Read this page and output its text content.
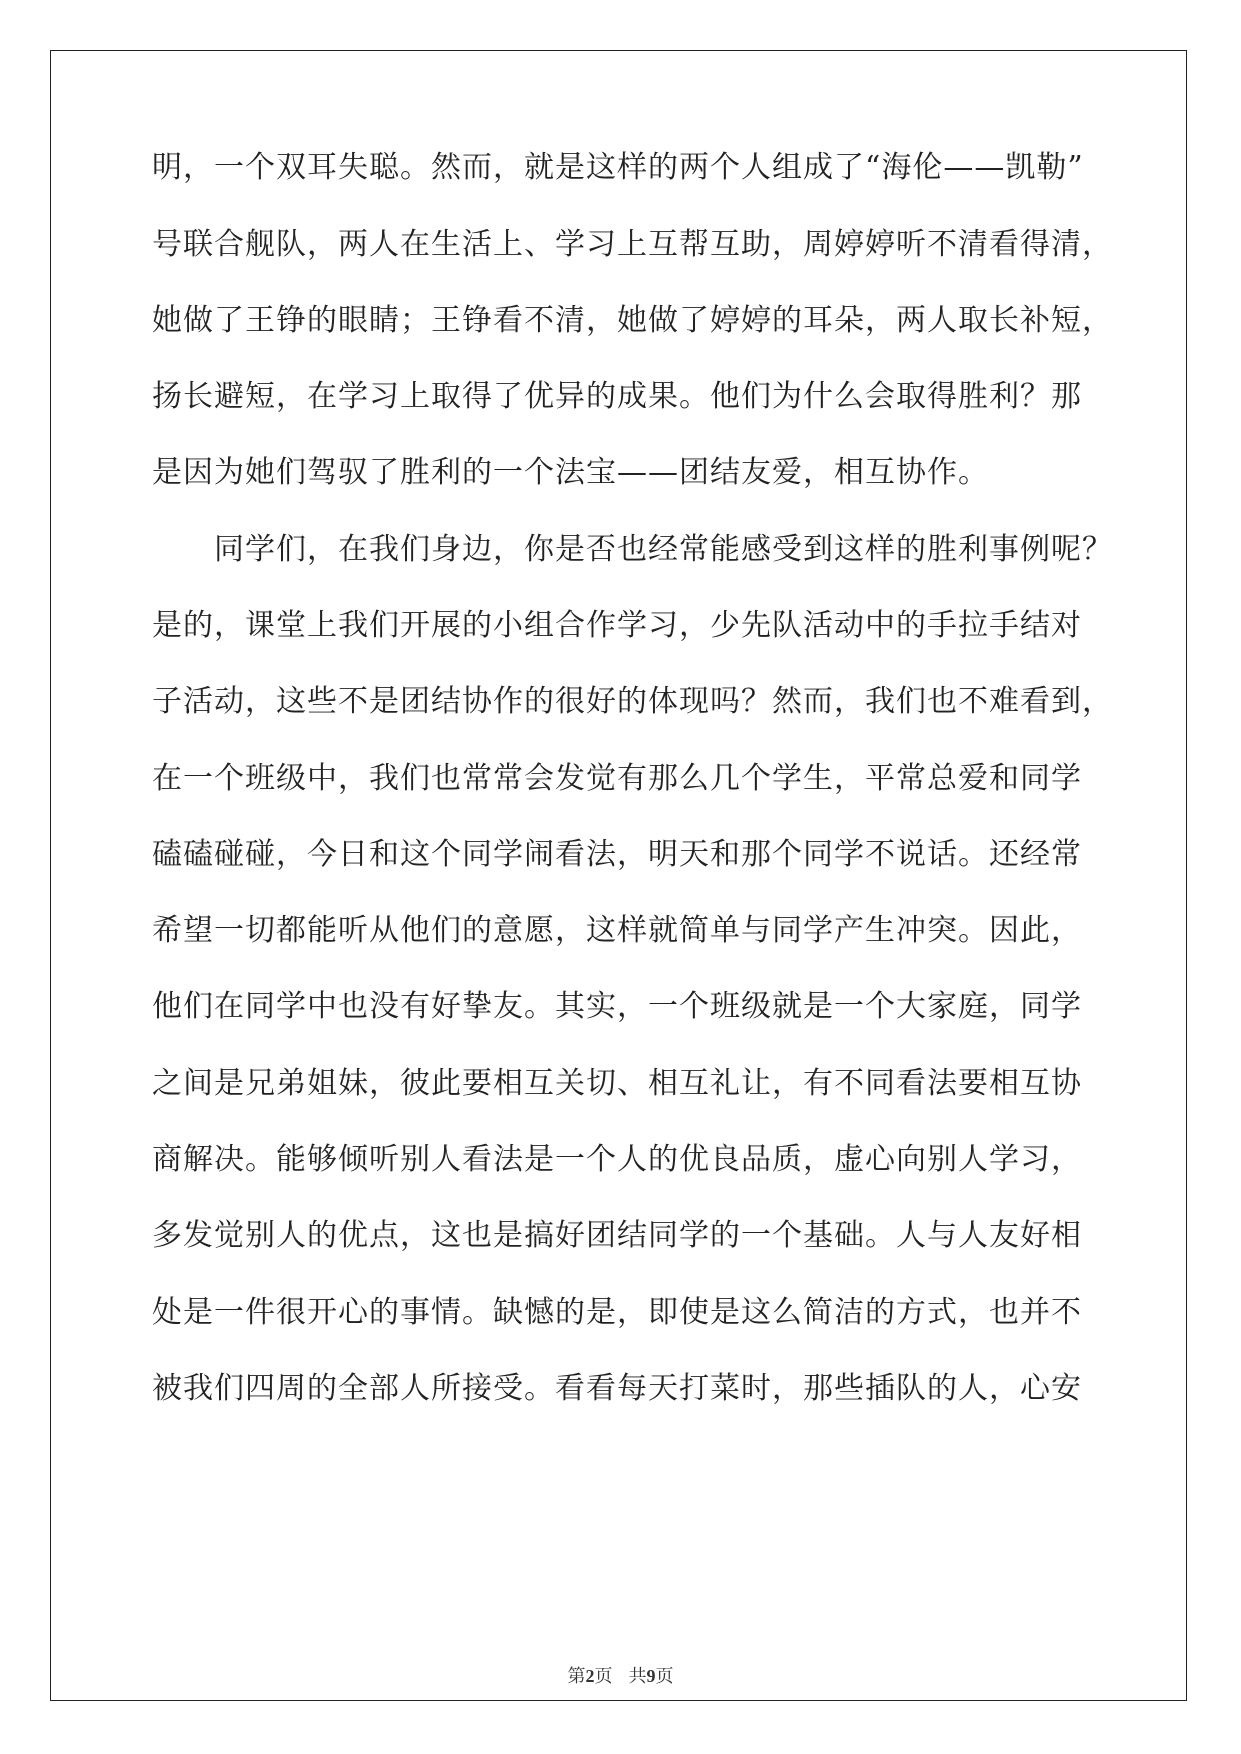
明，一个双耳失聪。然而，就是这样的两个人组成了“海伦——凯勒”
号联合舰队，两人在生活上、学习上互帮互助，周婷婷听不清看得清，
她做了王铮的眼睛；王铮看不清，她做了婷婷的耳朵，两人取长补短，
扬长避短，在学习上取得了优异的成果。他们为什么会取得胜利？那
是因为她们驾驭了胜利的一个法宝——团结友爱，相互协作。
　　同学们，在我们身边，你是否也经常能感受到这样的胜利事例呢？
是的，课堂上我们开展的小组合作学习，少先队活动中的手拉手结对
子活动，这些不是团结协作的很好的体现吗？然而，我们也不难看到，
在一个班级中，我们也常常会发觉有那么几个学生，平常总爱和同学
磕磕碰碰，今日和这个同学闹看法，明天和那个同学不说话。还经常
希望一切都能听从他们的意愿，这样就简单与同学产生冲突。因此，
他们在同学中也没有好挚友。其实，一个班级就是一个大家庭，同学
之间是兄弟姐妹，彼此要相互关切、相互礼让，有不同看法要相互协
商解决。能够倾听别人看法是一个人的优良品质，虚心向别人学习，
多发觉别人的优点，这也是搞好团结同学的一个基础。人与人友好相
处是一件很开心的事情。缺憾的是，即使是这么简洁的方式，也并不
被我们四周的全部人所接受。看看每天打菜时，那些插队的人，心安
第2页 共9页
